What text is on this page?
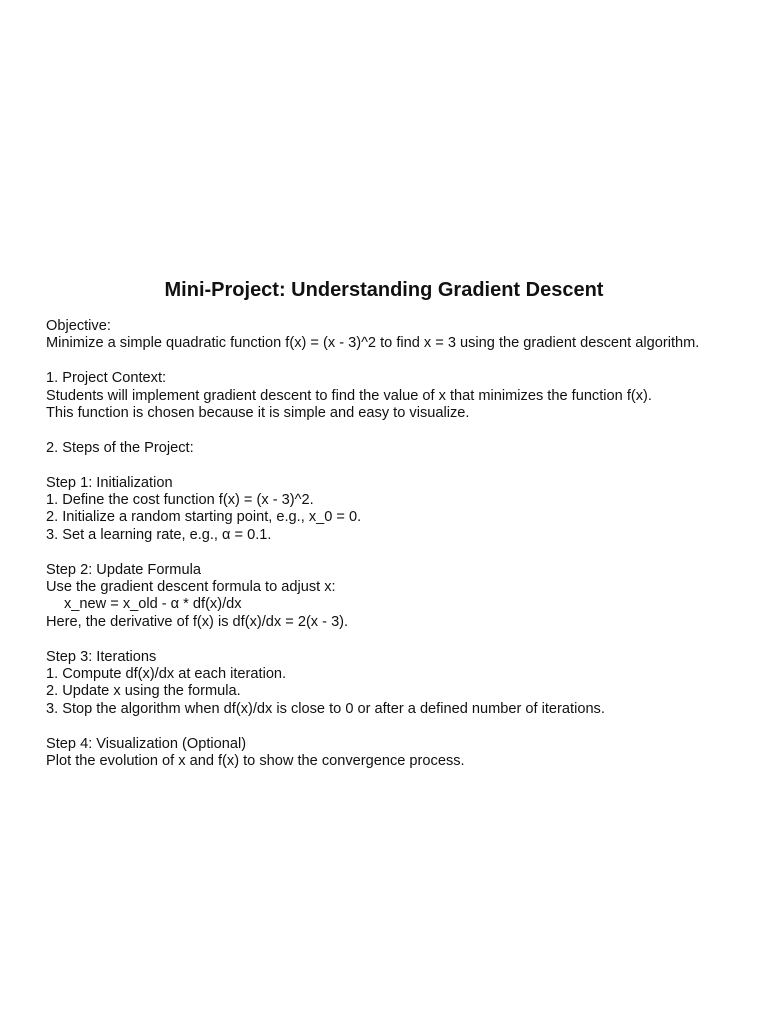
Mini-Project: Understanding Gradient Descent
Objective:
Minimize a simple quadratic function f(x) = (x - 3)^2 to find x = 3 using the gradient descent algorithm.
1. Project Context:
Students will implement gradient descent to find the value of x that minimizes the function f(x).
This function is chosen because it is simple and easy to visualize.
2. Steps of the Project:
Step 1: Initialization
1. Define the cost function f(x) = (x - 3)^2.
2. Initialize a random starting point, e.g., x_0 = 0.
3. Set a learning rate, e.g., α = 0.1.
Step 2: Update Formula
Use the gradient descent formula to adjust x:
x_new = x_old - α * df(x)/dx
Here, the derivative of f(x) is df(x)/dx = 2(x - 3).
Step 3: Iterations
1. Compute df(x)/dx at each iteration.
2. Update x using the formula.
3. Stop the algorithm when df(x)/dx is close to 0 or after a defined number of iterations.
Step 4: Visualization (Optional)
Plot the evolution of x and f(x) to show the convergence process.
